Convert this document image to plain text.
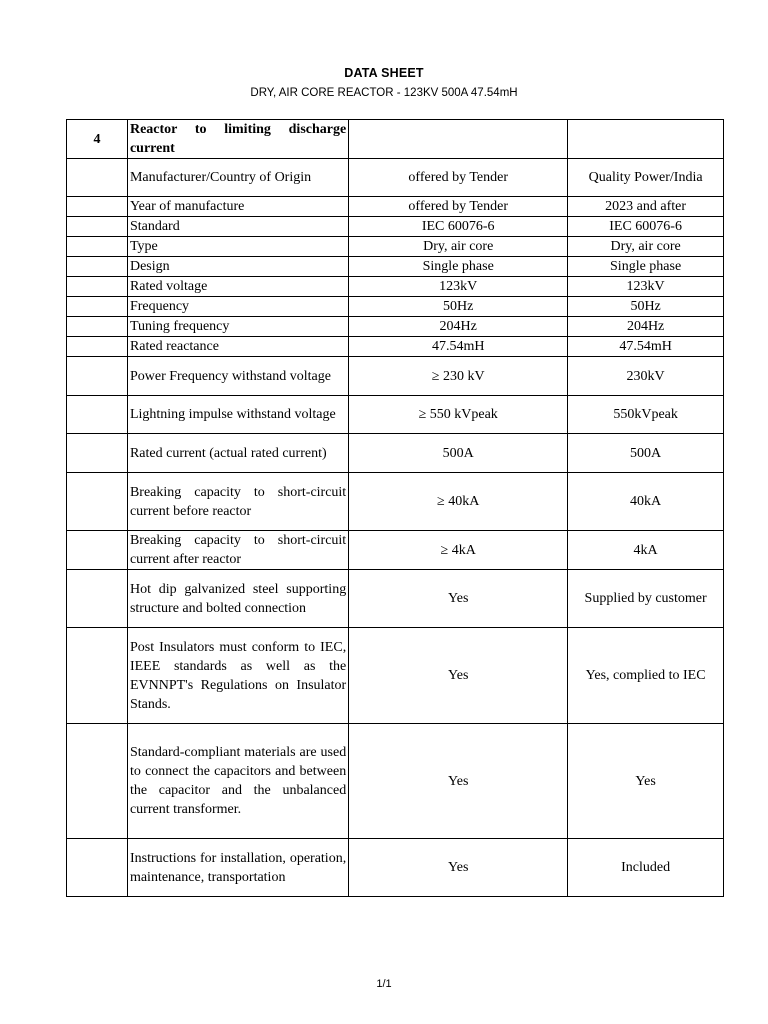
DATA SHEET
DRY, AIR CORE REACTOR - 123KV 500A 47.54mH
4	Reactor to limiting discharge current		
	Manufacturer/Country of Origin	offered by Tender	Quality Power/India
	Year of manufacture	offered by Tender	2023 and after
	Standard	IEC 60076-6	IEC 60076-6
	Type	Dry, air core	Dry, air core
	Design	Single phase	Single phase
	Rated voltage	123kV	123kV
	Frequency	50Hz	50Hz
	Tuning frequency	204Hz	204Hz
	Rated reactance	47.54mH	47.54mH
	Power Frequency withstand voltage	≥ 230 kV	230kV
	Lightning impulse withstand voltage	≥ 550 kVpeak	550kVpeak
	Rated current (actual rated current)	500A	500A
	Breaking capacity to short-circuit current before reactor	≥ 40kA	40kA
	Breaking capacity to short-circuit current after reactor	≥ 4kA	4kA
	Hot dip galvanized steel supporting structure and bolted connection	Yes	Supplied by customer
	Post Insulators must conform to IEC, IEEE standards as well as the EVNNPT's Regulations on Insulator Stands.	Yes	Yes, complied to IEC
	Standard-compliant materials are used to connect the capacitors and between the capacitor and the unbalanced current transformer.	Yes	Yes
	Instructions for installation, operation, maintenance, transportation	Yes	Included
1/1
